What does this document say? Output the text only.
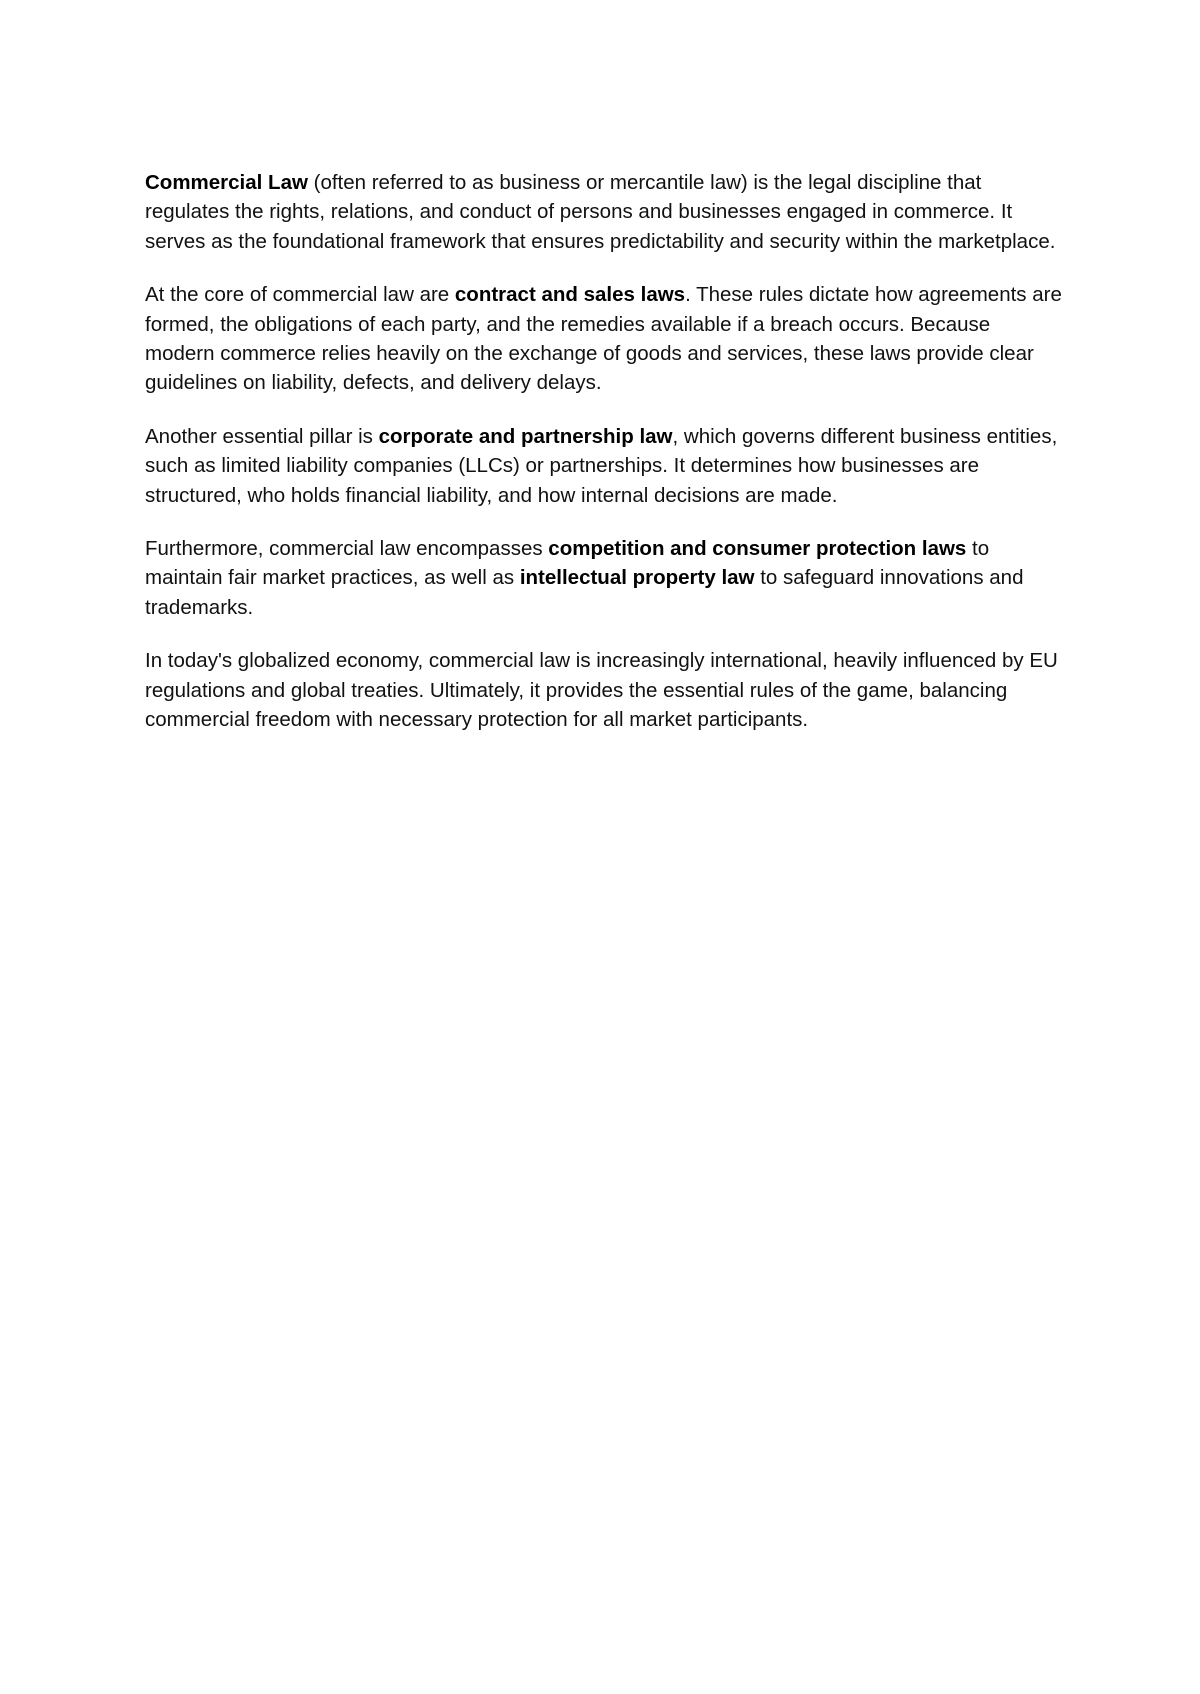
Commercial Law (often referred to as business or mercantile law) is the legal discipline that regulates the rights, relations, and conduct of persons and businesses engaged in commerce. It serves as the foundational framework that ensures predictability and security within the marketplace.

At the core of commercial law are contract and sales laws. These rules dictate how agreements are formed, the obligations of each party, and the remedies available if a breach occurs. Because modern commerce relies heavily on the exchange of goods and services, these laws provide clear guidelines on liability, defects, and delivery delays.

Another essential pillar is corporate and partnership law, which governs different business entities, such as limited liability companies (LLCs) or partnerships. It determines how businesses are structured, who holds financial liability, and how internal decisions are made.

Furthermore, commercial law encompasses competition and consumer protection laws to maintain fair market practices, as well as intellectual property law to safeguard innovations and trademarks.

In today's globalized economy, commercial law is increasingly international, heavily influenced by EU regulations and global treaties. Ultimately, it provides the essential rules of the game, balancing commercial freedom with necessary protection for all market participants.
